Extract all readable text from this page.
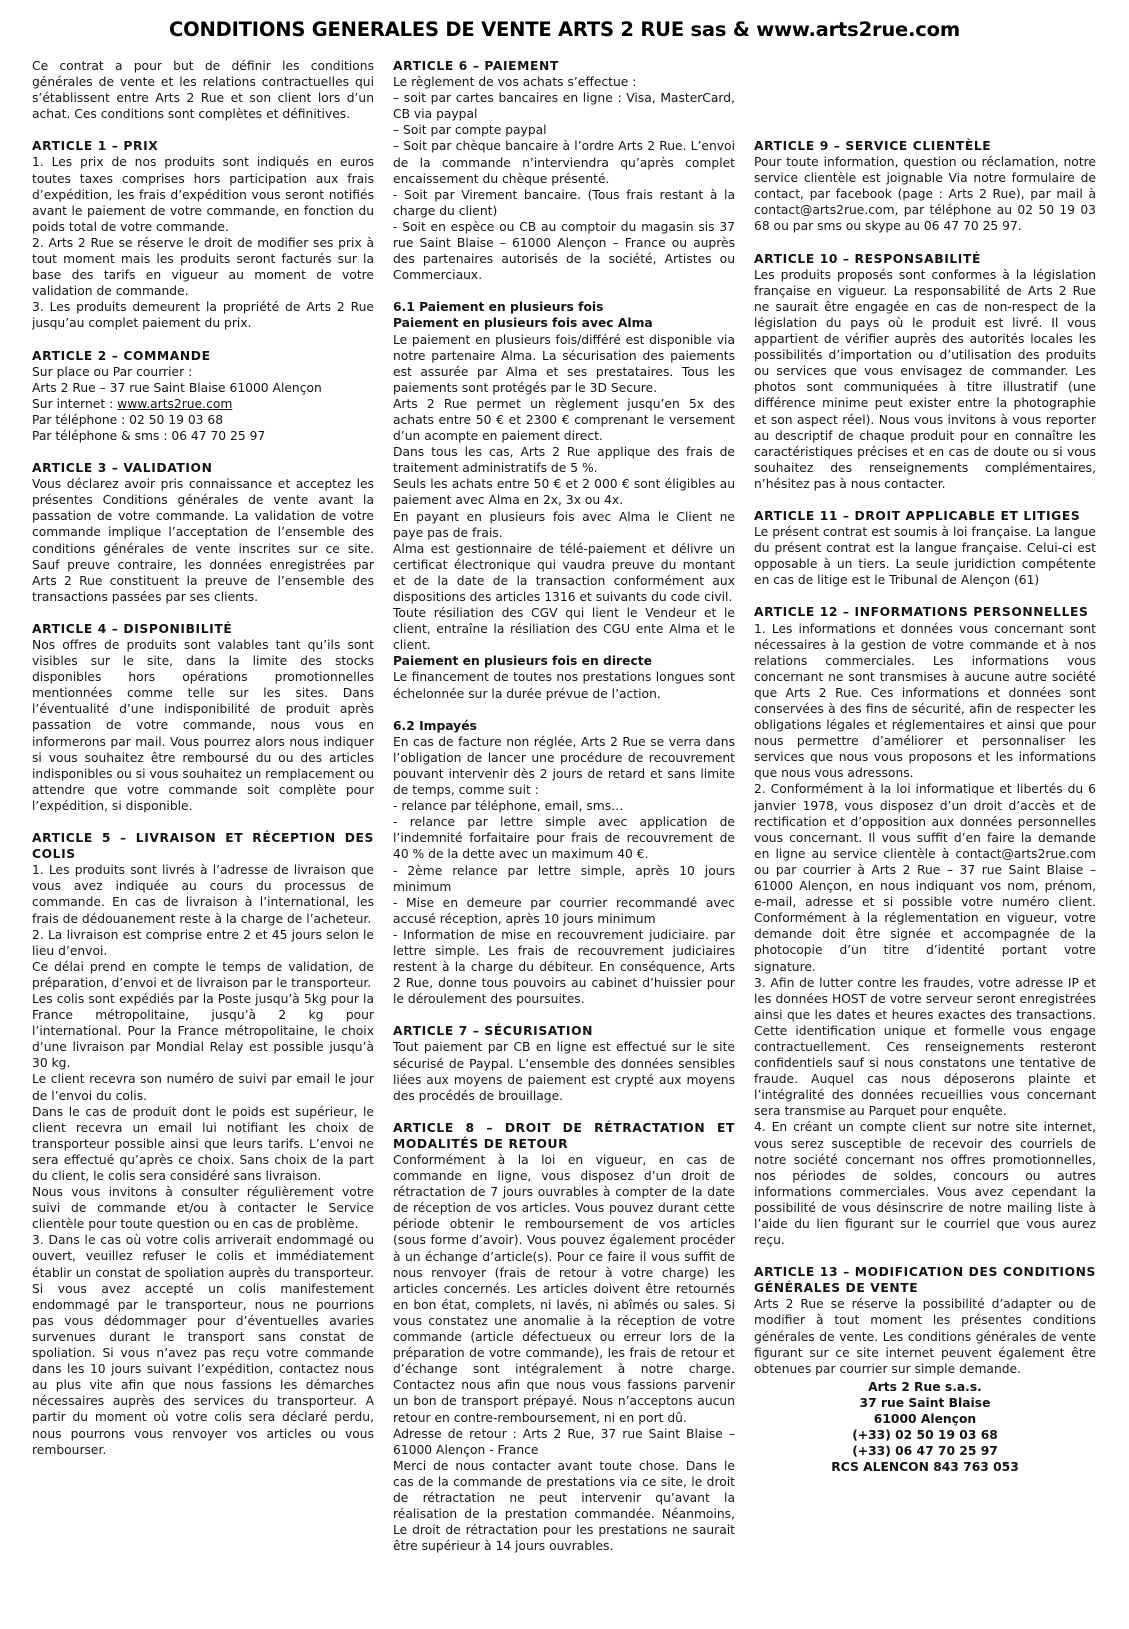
CONDITIONS GENERALES DE VENTE ARTS 2 RUE sas & www.arts2rue.com

Ce contrat a pour but de définir les conditions générales de vente et les relations contractuelles qui s’établissent entre Arts 2 Rue et son client lors d’un achat. Ces conditions sont complètes et définitives.

ARTICLE 1 – PRIX

1. Les prix de nos produits sont indiqués en euros toutes taxes comprises hors participation aux frais d’expédition, les frais d’expédition vous seront notifiés avant le paiement de votre commande, en fonction du poids total de votre commande.

2. Arts 2 Rue se réserve le droit de modifier ses prix à tout moment mais les produits seront facturés sur la base des tarifs en vigueur au moment de votre validation de commande.

3. Les produits demeurent la propriété de Arts 2 Rue jusqu’au complet paiement du prix.

ARTICLE 2 – COMMANDE

Sur place ou Par courrier :

Arts 2 Rue – 37 rue Saint Blaise 61000 Alençon

Sur internet : www.arts2rue.com

Par téléphone : 02 50 19 03 68

Par téléphone & sms : 06 47 70 25 97

ARTICLE 3 – VALIDATION

Vous déclarez avoir pris connaissance et acceptez les présentes Conditions générales de vente avant la passation de votre commande. La validation de votre commande implique l’acceptation de l’ensemble des conditions générales de vente inscrites sur ce site. Sauf preuve contraire, les données enregistrées par Arts 2 Rue constituent la preuve de l’ensemble des transactions passées par ses clients.

ARTICLE 4 – DISPONIBILITÉ

Nos offres de produits sont valables tant qu’ils sont visibles sur le site, dans la limite des stocks disponibles hors opérations promotionnelles mentionnées comme telle sur les sites. Dans l’éventualité d’une indisponibilité de produit après passation de votre commande, nous vous en informerons par mail. Vous pourrez alors nous indiquer si vous souhaitez être remboursé du ou des articles indisponibles ou si vous souhaitez un remplacement ou attendre que votre commande soit complète pour l’expédition, si disponible.

ARTICLE 5 – LIVRAISON ET RÉCEPTION DES COLIS

1. Les produits sont livrés à l’adresse de livraison que vous avez indiquée au cours du processus de commande. En cas de livraison à l’international, les frais de dédouanement reste à la charge de l’acheteur.

2. La livraison est comprise entre 2 et 45 jours selon le lieu d’envoi.

Ce délai prend en compte le temps de validation, de préparation, d’envoi et de livraison par le transporteur.

Les colis sont expédiés par la Poste jusqu’à 5kg pour la France métropolitaine, jusqu’à 2 kg pour l’international. Pour la France métropolitaine, le choix d’une livraison par Mondial Relay est possible jusqu’à 30 kg.

Le client recevra son numéro de suivi par email le jour de l’envoi du colis.

Dans le cas de produit dont le poids est supérieur, le client recevra un email lui notifiant les choix de transporteur possible ainsi que leurs tarifs. L’envoi ne sera effectué qu’après ce choix. Sans choix de la part du client, le colis sera considéré sans livraison.

Nous vous invitons à consulter régulièrement votre suivi de commande et/ou à contacter le Service clientèle pour toute question ou en cas de problème.

3. Dans le cas où votre colis arriverait endommagé ou ouvert, veuillez refuser le colis et immédiatement établir un constat de spoliation auprès du transporteur. Si vous avez accepté un colis manifestement endommagé par le transporteur, nous ne pourrions pas vous dédommager pour d’éventuelles avaries survenues durant le transport sans constat de spoliation. Si vous n’avez pas reçu votre commande dans les 10 jours suivant l’expédition, contactez nous au plus vite afin que nous fassions les démarches nécessaires auprès des services du transporteur. A partir du moment où votre colis sera déclaré perdu, nous pourrons vous renvoyer vos articles ou vous rembourser.

ARTICLE 6 – PAIEMENT

Le règlement de vos achats s’effectue :

– soit par cartes bancaires en ligne : Visa, MasterCard, CB via paypal

– Soit par compte paypal

– Soit par chèque bancaire à l’ordre Arts 2 Rue. L’envoi de la commande n’interviendra qu’après complet encaissement du chèque présenté.

- Soit par Virement bancaire. (Tous frais restant à la charge du client)

- Soit en espèce ou CB au comptoir du magasin sis 37 rue Saint Blaise – 61000 Alençon – France ou auprès des partenaires autorisés de la société, Artistes ou Commerciaux.

6.1 Paiement en plusieurs fois
Paiement en plusieurs fois avec Alma

Le paiement en plusieurs fois/différé est disponible via notre partenaire Alma. La sécurisation des paiements est assurée par Alma et ses prestataires. Tous les paiements sont protégés par le 3D Secure.

Arts 2 Rue permet un règlement jusqu’en 5x des achats entre 50 € et 2300 € comprenant le versement d’un acompte en paiement direct.

Dans tous les cas, Arts 2 Rue applique des frais de traitement administratifs de 5 %.

Seuls les achats entre 50 € et 2 000 € sont éligibles au paiement avec Alma en 2x, 3x ou 4x.

En payant en plusieurs fois avec Alma le Client ne paye pas de frais.

Alma est gestionnaire de télé-paiement et délivre un certificat électronique qui vaudra preuve du montant et de la date de la transaction conformément aux dispositions des articles 1316 et suivants du code civil.

Toute résiliation des CGV qui lient le Vendeur et le client, entraîne la résiliation des CGU ente Alma et le client.

Paiement en plusieurs fois en directe

Le financement de toutes nos prestations longues sont échelonnée sur la durée prévue de l’action.

6.2 Impayés

En cas de facture non réglée, Arts 2 Rue se verra dans l’obligation de lancer une procédure de recouvrement pouvant intervenir dès 2 jours de retard et sans limite de temps, comme suit :

- relance par téléphone, email, sms…

- relance par lettre simple avec application de l’indemnité forfaitaire pour frais de recouvrement de 40 % de la dette avec un maximum 40 €.

- 2ème relance par lettre simple, après 10 jours minimum

- Mise en demeure par courrier recommandé avec accusé réception, après 10 jours minimum

- Information de mise en recouvrement judiciaire. par lettre simple. Les frais de recouvrement judiciaires restent à la charge du débiteur. En conséquence, Arts 2 Rue, donne tous pouvoirs au cabinet d’huissier pour le déroulement des poursuites.

ARTICLE 7 – SÉCURISATION

Tout paiement par CB en ligne est effectué sur le site sécurisé de Paypal. L’ensemble des données sensibles liées aux moyens de paiement est crypté aux moyens des procédés de brouillage.

ARTICLE 8 – DROIT DE RÉTRACTATION ET MODALITÉS DE RETOUR

Conformément à la loi en vigueur, en cas de commande en ligne, vous disposez d’un droit de rétractation de 7 jours ouvrables à compter de la date de réception de vos articles. Vous pouvez durant cette période obtenir le remboursement de vos articles (sous forme d’avoir). Vous pouvez également procéder à un échange d’article(s). Pour ce faire il vous suffit de nous renvoyer (frais de retour à votre charge) les articles concernés. Les articles doivent être retournés en bon état, complets, ni lavés, ni abîmés ou sales. Si vous constatez une anomalie à la réception de votre commande (article défectueux ou erreur lors de la préparation de votre commande), les frais de retour et d’échange sont intégralement à notre charge. Contactez nous afin que nous vous fassions parvenir un bon de transport prépayé. Nous n’acceptons aucun retour en contre-remboursement, ni en port dû.

Adresse de retour : Arts 2 Rue, 37 rue Saint Blaise – 61000 Alençon - France

Merci de nous contacter avant toute chose. Dans le cas de la commande de prestations via ce site, le droit de rétractation ne peut intervenir qu’avant la réalisation de la prestation commandée. Néanmoins, Le droit de rétractation pour les prestations ne saurait être supérieur à 14 jours ouvrables.

ARTICLE 9 – SERVICE CLIENTÈLE

Pour toute information, question ou réclamation, notre service clientèle est joignable Via notre formulaire de contact, par facebook (page : Arts 2 Rue), par mail à contact@arts2rue.com, par téléphone au 02 50 19 03 68 ou par sms ou skype au 06 47 70 25 97.

ARTICLE 10 – RESPONSABILITÉ

Les produits proposés sont conformes à la législation française en vigueur. La responsabilité de Arts 2 Rue ne saurait être engagée en cas de non-respect de la législation du pays où le produit est livré. Il vous appartient de vérifier auprès des autorités locales les possibilités d’importation ou d’utilisation des produits ou services que vous envisagez de commander. Les photos sont communiquées à titre illustratif (une différence minime peut exister entre la photographie et son aspect réel). Nous vous invitons à vous reporter au descriptif de chaque produit pour en connaître les caractéristiques précises et en cas de doute ou si vous souhaitez des renseignements complémentaires, n’hésitez pas à nous contacter.

ARTICLE 11 – DROIT APPLICABLE ET LITIGES

Le présent contrat est soumis à loi française. La langue du présent contrat est la langue française. Celui-ci est opposable à un tiers. La seule juridiction compétente en cas de litige est le Tribunal de Alençon (61)

ARTICLE 12 – INFORMATIONS PERSONNELLES

1. Les informations et données vous concernant sont nécessaires à la gestion de votre commande et à nos relations commerciales. Les informations vous concernant ne sont transmises à aucune autre société que Arts 2 Rue. Ces informations et données sont conservées à des fins de sécurité, afin de respecter les obligations légales et réglementaires et ainsi que pour nous permettre d’améliorer et personnaliser les services que nous vous proposons et les informations que nous vous adressons.

2. Conformément à la loi informatique et libertés du 6 janvier 1978, vous disposez d’un droit d’accès et de rectification et d’opposition aux données personnelles vous concernant. Il vous suffit d’en faire la demande en ligne au service clientèle à contact@arts2rue.com ou par courrier à Arts 2 Rue – 37 rue Saint Blaise – 61000 Alençon, en nous indiquant vos nom, prénom, e-mail, adresse et si possible votre numéro client. Conformément à la réglementation en vigueur, votre demande doit être signée et accompagnée de la photocopie d’un titre d’identité portant votre signature.

3. Afin de lutter contre les fraudes, votre adresse IP et les données HOST de votre serveur seront enregistrées ainsi que les dates et heures exactes des transactions. Cette identification unique et formelle vous engage contractuellement. Ces renseignements resteront confidentiels sauf si nous constatons une tentative de fraude. Auquel cas nous déposerons plainte et l’intégralité des données recueillies vous concernant sera transmise au Parquet pour enquête.

4. En créant un compte client sur notre site internet, vous serez susceptible de recevoir des courriels de notre société concernant nos offres promotionnelles, nos périodes de soldes, concours ou autres informations commerciales. Vous avez cependant la possibilité de vous désinscrire de notre mailing liste à l’aide du lien figurant sur le courriel que vous aurez reçu.

ARTICLE 13 – MODIFICATION DES CONDITIONS GÉNÉRALES DE VENTE

Arts 2 Rue se réserve la possibilité d’adapter ou de modifier à tout moment les présentes conditions générales de vente. Les conditions générales de vente figurant sur ce site internet peuvent également être obtenues par courrier sur simple demande.

Arts 2 Rue s.a.s.

37 rue Saint Blaise

61000 Alençon

(+33) 02 50 19 03 68

(+33) 06 47 70 25 97

RCS ALENCON 843 763 053
